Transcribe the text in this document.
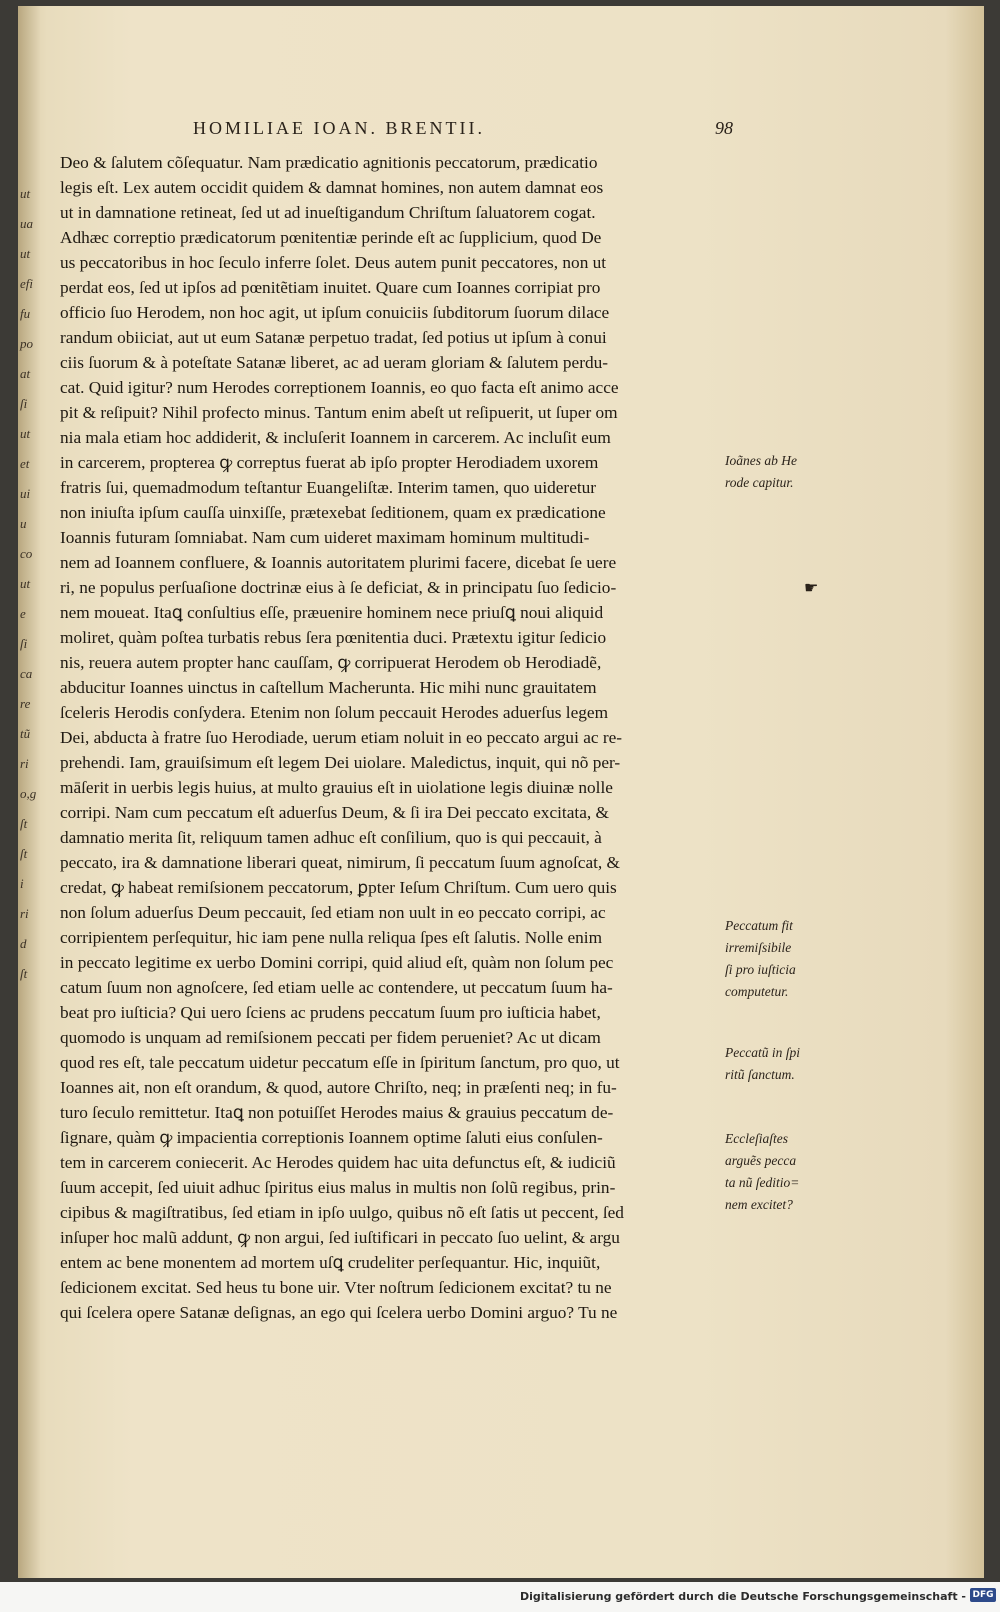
ut
ua
ut
efi
fu
po
at
ſi
ut
et
ui
u
co
ut
e
ſi
ca
re
tũ
ri
o,g
ſt
ſt
i
ri
d
ſt
HOMILIAE IOAN. BRENTII.	98
Deo & ſalutem cõſequatur. Nam prædicatio agnitionis peccatorum, prædicatio
legis eſt. Lex autem occidit quidem & damnat homines, non autem damnat eos
ut in damnatione retineat, ſed ut ad inueſtigandum Chriſtum ſaluatorem cogat.
Adhæc correptio prædicatorum pœnitentiæ perinde eſt ac ſupplicium, quod De
us peccatoribus in hoc ſeculo inferre ſolet. Deus autem punit peccatores, non ut
perdat eos, ſed ut ipſos ad pœnitẽtiam inuitet. Quare cum Ioannes corripiat pro
officio ſuo Herodem, non hoc agit, ut ipſum conuiciis ſubditorum ſuorum dilace
randum obiiciat, aut ut eum Satanæ perpetuo tradat, ſed potius ut ipſum à conui
ciis ſuorum & à poteſtate Satanæ liberet, ac ad ueram gloriam & ſalutem perdu-
cat. Quid igitur? num Herodes correptionem Ioannis, eo quo facta eſt animo acce
pit & reſipuit? Nihil profecto minus. Tantum enim abeſt ut reſipuerit, ut ſuper om
nia mala etiam hoc addiderit, & incluſerit Ioannem in carcerem. Ac incluſit eum
in carcerem, propterea ꝙ correptus fuerat ab ipſo propter Herodiadem uxorem
fratris ſui, quemadmodum teſtantur Euangeliſtæ. Interim tamen, quo uideretur
non iniuſta ipſum cauſſa uinxiſſe, prætexebat ſeditionem, quam ex prædicatione
Ioannis futuram ſomniabat. Nam cum uideret maximam hominum multitudi-
nem ad Ioannem confluere, & Ioannis autoritatem plurimi facere, dicebat ſe uere
ri, ne populus perſuaſione doctrinæ eius à ſe deficiat, & in principatu ſuo ſedicio-
nem moueat. Itaꝗ conſultius eſſe, præuenire hominem nece priuſꝗ noui aliquid
moliret, quàm poſtea turbatis rebus ſera pœnitentia duci. Prætextu igitur ſedicio
nis, reuera autem propter hanc cauſſam, ꝙ corripuerat Herodem ob Herodiadẽ,
abducitur Ioannes uinctus in caſtellum Macherunta. Hic mihi nunc grauitatem
ſceleris Herodis conſydera. Etenim non ſolum peccauit Herodes aduerſus legem
Dei, abducta à fratre ſuo Herodiade, uerum etiam noluit in eo peccato argui ac re-
prehendi. Iam, grauiſsimum eſt legem Dei uiolare. Maledictus, inquit, qui nõ per-
māſerit in uerbis legis huius, at multo grauius eſt in uiolatione legis diuinæ nolle
corripi. Nam cum peccatum eſt aduerſus Deum, & ſi ira Dei peccato excitata, &
damnatio merita ſit, reliquum tamen adhuc eſt conſilium, quo is qui peccauit, à
peccato, ira & damnatione liberari queat, nimirum, ſi peccatum ſuum agnoſcat, &
credat, ꝙ habeat remiſsionem peccatorum, ꝑpter Ieſum Chriſtum. Cum uero quis
non ſolum aduerſus Deum peccauit, ſed etiam non uult in eo peccato corripi, ac
corripientem perſequitur, hic iam pene nulla reliqua ſpes eſt ſalutis. Nolle enim
in peccato legitime ex uerbo Domini corripi, quid aliud eſt, quàm non ſolum pec
catum ſuum non agnoſcere, ſed etiam uelle ac contendere, ut peccatum ſuum ha-
beat pro iuſticia? Qui uero ſciens ac prudens peccatum ſuum pro iuſticia habet,
quomodo is unquam ad remiſsionem peccati per fidem perueniet? Ac ut dicam
quod res eſt, tale peccatum uidetur peccatum eſſe in ſpiritum ſanctum, pro quo, ut
Ioannes ait, non eſt orandum, & quod, autore Chriſto, neq; in præſenti neq; in fu-
turo ſeculo remittetur. Itaꝗ non potuiſſet Herodes maius & grauius peccatum de-
ſignare, quàm ꝙ impacientia correptionis Ioannem optime ſaluti eius conſulen-
tem in carcerem coniecerit. Ac Herodes quidem hac uita defunctus eſt, & iudiciũ
ſuum accepit, ſed uiuit adhuc ſpiritus eius malus in multis non ſolũ regibus, prin-
cipibus & magiſtratibus, ſed etiam in ipſo uulgo, quibus nõ eſt ſatis ut peccent, ſed
inſuper hoc malũ addunt, ꝙ non argui, ſed iuſtificari in peccato ſuo uelint, & argu
entem ac bene monentem ad mortem uſꝗ crudeliter perſequantur. Hic, inquiũt,
ſedicionem excitat. Sed heus tu bone uir. Vter noſtrum ſedicionem excitat? tu ne
qui ſcelera opere Satanæ deſignas, an ego qui ſcelera uerbo Domini arguo? Tu ne
Ioãnes ab He
rode capitur.
Peccatum fit
irremiſsibile
ſi pro iuſticia
computetur.
Peccatũ in ſpi
ritũ ſanctum.
Eccleſiaſtes
arguẽs pecca
ta nũ ſeditio=
nem excitet?
☛
Digitalisierung gefördert durch die Deutsche Forschungsgemeinschaft - DFG
